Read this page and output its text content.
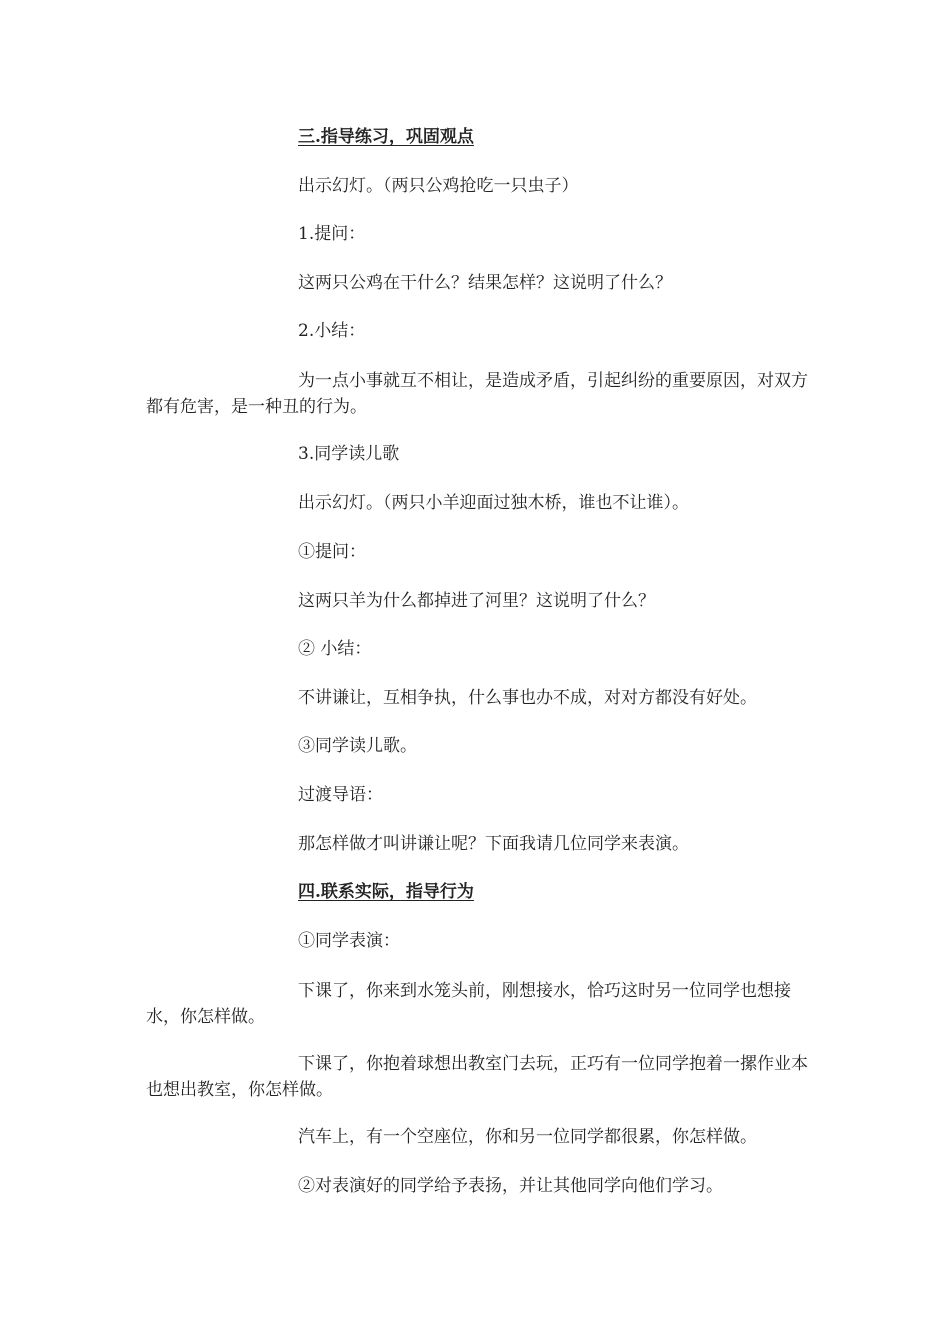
三.指导练习，巩固观点
出示幻灯。（两只公鸡抢吃一只虫子）
1.提问：
这两只公鸡在干什么？结果怎样？这说明了什么？
2.小结：
为一点小事就互不相让，是造成矛盾，引起纠纷的重要原因，对双方都有危害，是一种丑的行为。
3.同学读儿歌
出示幻灯。（两只小羊迎面过独木桥，谁也不让谁）。
①提问：
这两只羊为什么都掉进了河里？这说明了什么？
② 小结：
不讲谦让，互相争执，什么事也办不成，对对方都没有好处。
③同学读儿歌。
过渡导语：
那怎样做才叫讲谦让呢？下面我请几位同学来表演。
四.联系实际，指导行为
①同学表演：
下课了，你来到水笼头前，刚想接水，恰巧这时另一位同学也想接水，你怎样做。
下课了，你抱着球想出教室门去玩，正巧有一位同学抱着一摞作业本也想出教室，你怎样做。
汽车上，有一个空座位，你和另一位同学都很累，你怎样做。
②对表演好的同学给予表扬，并让其他同学向他们学习。
